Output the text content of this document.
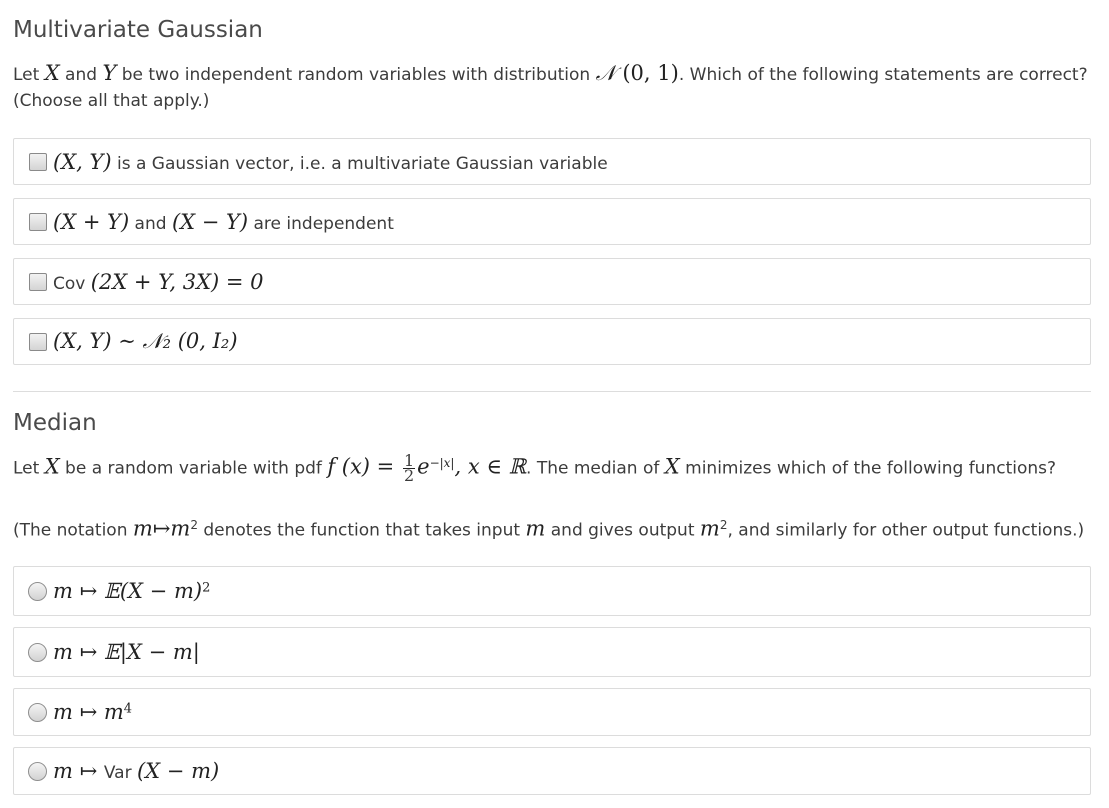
Multivariate Gaussian

Let X and Y be two independent random variables with distribution 𝒩 (0, 1). Which of the following statements are correct?
(Choose all that apply.)

(X, Y) is a Gaussian vector, i.e. a multivariate Gaussian variable
(X + Y) and (X − Y) are independent
Cov (2X + Y, 3X) = 0
(X, Y) ∼ 𝒩₂ (0, I₂)
Median

Let X be a random variable with pdf f $(x) = \frac{1}{2} e^{-|x|}$, x ∈ ℝ. The median of X minimizes which of the following functions?

(The notation $m↦m^2$ denotes the function that takes input m and gives output $m^2$, and similarly for other output functions.)

m ↦ 𝔼(X − m)$^2$
m ↦ 𝔼|X − m|
m ↦ $m^4$
m ↦ Var (X − m)
